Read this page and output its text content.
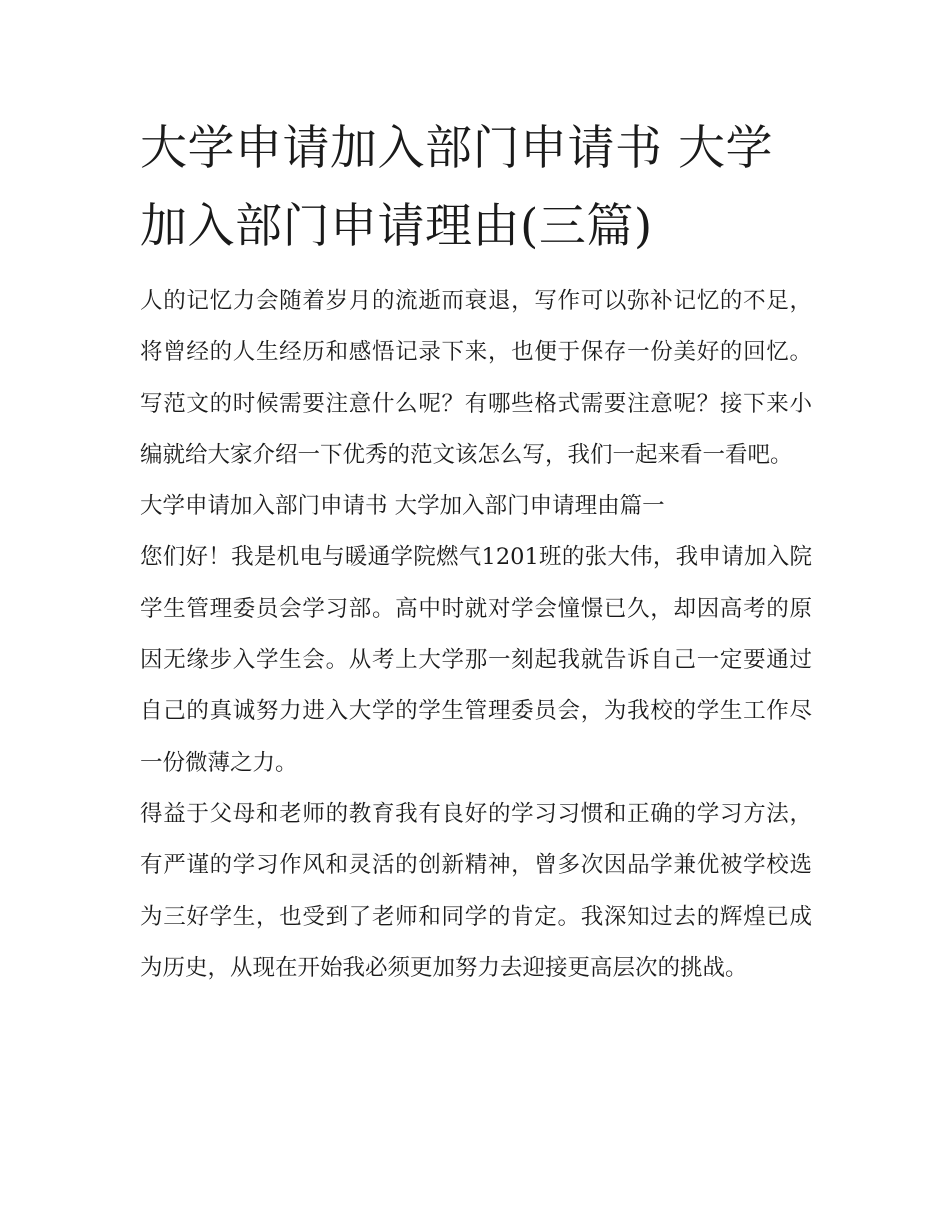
大学申请加入部门申请书 大学加入部门申请理由(三篇)

人的记忆力会随着岁月的流逝而衰退，写作可以弥补记忆的不足，将曾经的人生经历和感悟记录下来，也便于保存一份美好的回忆。写范文的时候需要注意什么呢？有哪些格式需要注意呢？接下来小编就给大家介绍一下优秀的范文该怎么写，我们一起来看一看吧。

大学申请加入部门申请书 大学加入部门申请理由篇一

您们好！我是机电与暖通学院燃气1201班的张大伟，我申请加入院学生管理委员会学习部。高中时就对学会憧憬已久，却因高考的原因无缘步入学生会。从考上大学那一刻起我就告诉自己一定要通过自己的真诚努力进入大学的学生管理委员会，为我校的学生工作尽一份微薄之力。

得益于父母和老师的教育我有良好的学习习惯和正确的学习方法，有严谨的学习作风和灵活的创新精神，曾多次因品学兼优被学校选为三好学生，也受到了老师和同学的肯定。我深知过去的辉煌已成为历史，从现在开始我必须更加努力去迎接更高层次的挑战。
